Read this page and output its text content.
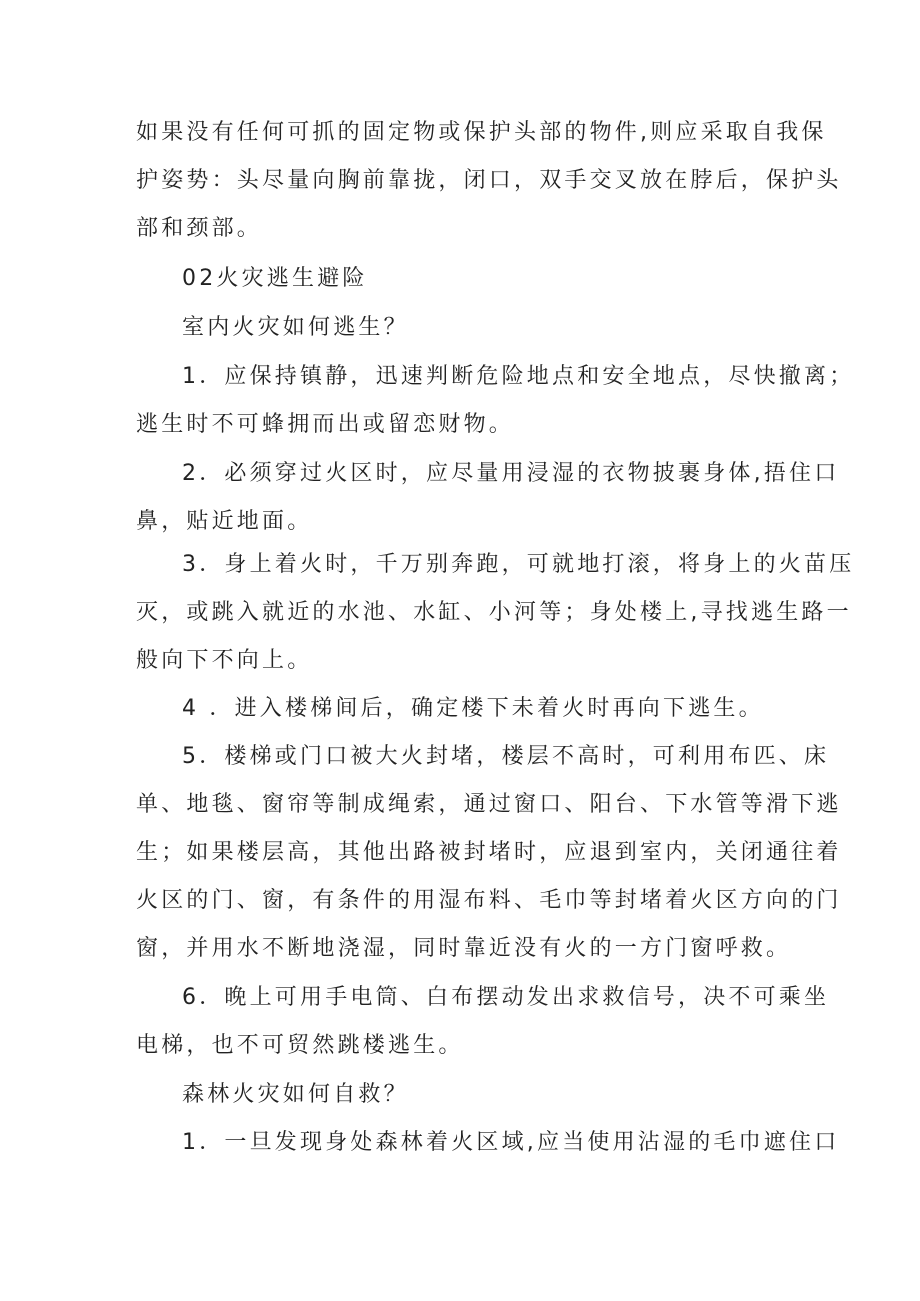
如果没有任何可抓的固定物或保护头部的物件,则应采取自我保
护姿势：头尽量向胸前靠拢，闭口，双手交叉放在脖后，保护头
部和颈部。
02火灾逃生避险
室内火灾如何逃生？
1．应保持镇静，迅速判断危险地点和安全地点，尽快撤离；
逃生时不可蜂拥而出或留恋财物。
2．必须穿过火区时，应尽量用浸湿的衣物披裹身体,捂住口
鼻，贴近地面。
3．身上着火时，千万别奔跑，可就地打滚，将身上的火苗压
灭，或跳入就近的水池、水缸、小河等；身处楼上,寻找逃生路一
般向下不向上。
4 ．进入楼梯间后，确定楼下未着火时再向下逃生。
5．楼梯或门口被大火封堵，楼层不高时，可利用布匹、床
单、地毯、窗帘等制成绳索，通过窗口、阳台、下水管等滑下逃
生；如果楼层高，其他出路被封堵时，应退到室内，关闭通往着
火区的门、窗，有条件的用湿布料、毛巾等封堵着火区方向的门
窗，并用水不断地浇湿，同时靠近没有火的一方门窗呼救。
6．晚上可用手电筒、白布摆动发出求救信号，决不可乘坐
电梯，也不可贸然跳楼逃生。
森林火灾如何自救？
1．一旦发现身处森林着火区域,应当使用沾湿的毛巾遮住口
